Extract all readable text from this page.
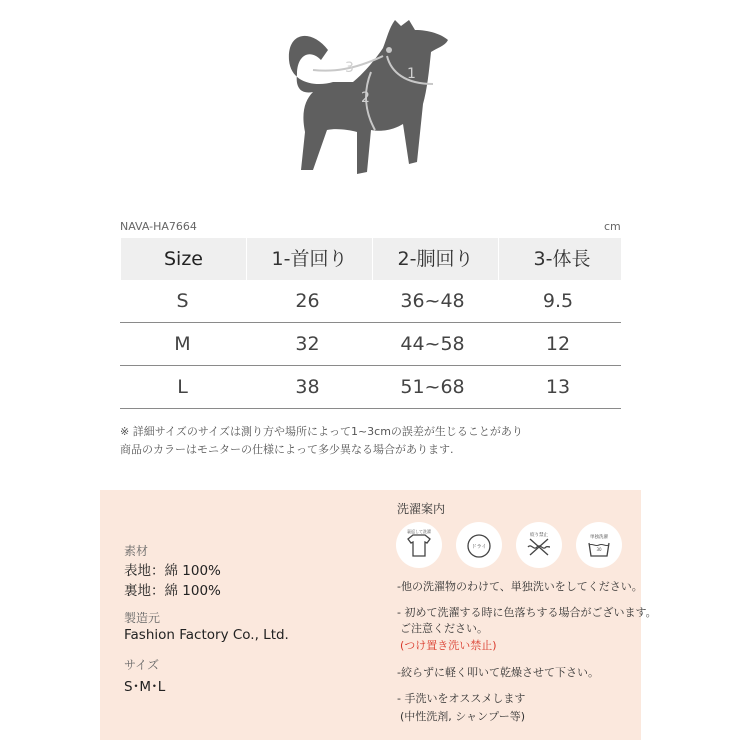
1
2
3
NAVA-HA7664	cm
Size	1-首回り	2-胴回り	3-体長
S	26	36~48	9.5
M	32	44~58	12
L	38	51~68	13
※ 詳細サイズのサイズは測り方や場所によって1~3cmの誤差が生じることがあり
商品のカラーはモニターの仕様によって多少異なる場合があります.
素材
表地：綿 100%
裏地：綿 100%
製造元
Fashion Factory Co., Ltd.
サイズ
S･M･L
洗濯案内
裏返して洗濯
ドライ
絞り禁止
30
単独洗濯
-他の洗濯物のわけて、単独洗いをしてください。
- 初めて洗濯する時に色落ちする場合がございます。
ご注意ください。
(つけ置き洗い禁止)
-絞らずに軽く叩いて乾燥させて下さい。
- 手洗いをオススメします
(中性洗剤, シャンプー等)
